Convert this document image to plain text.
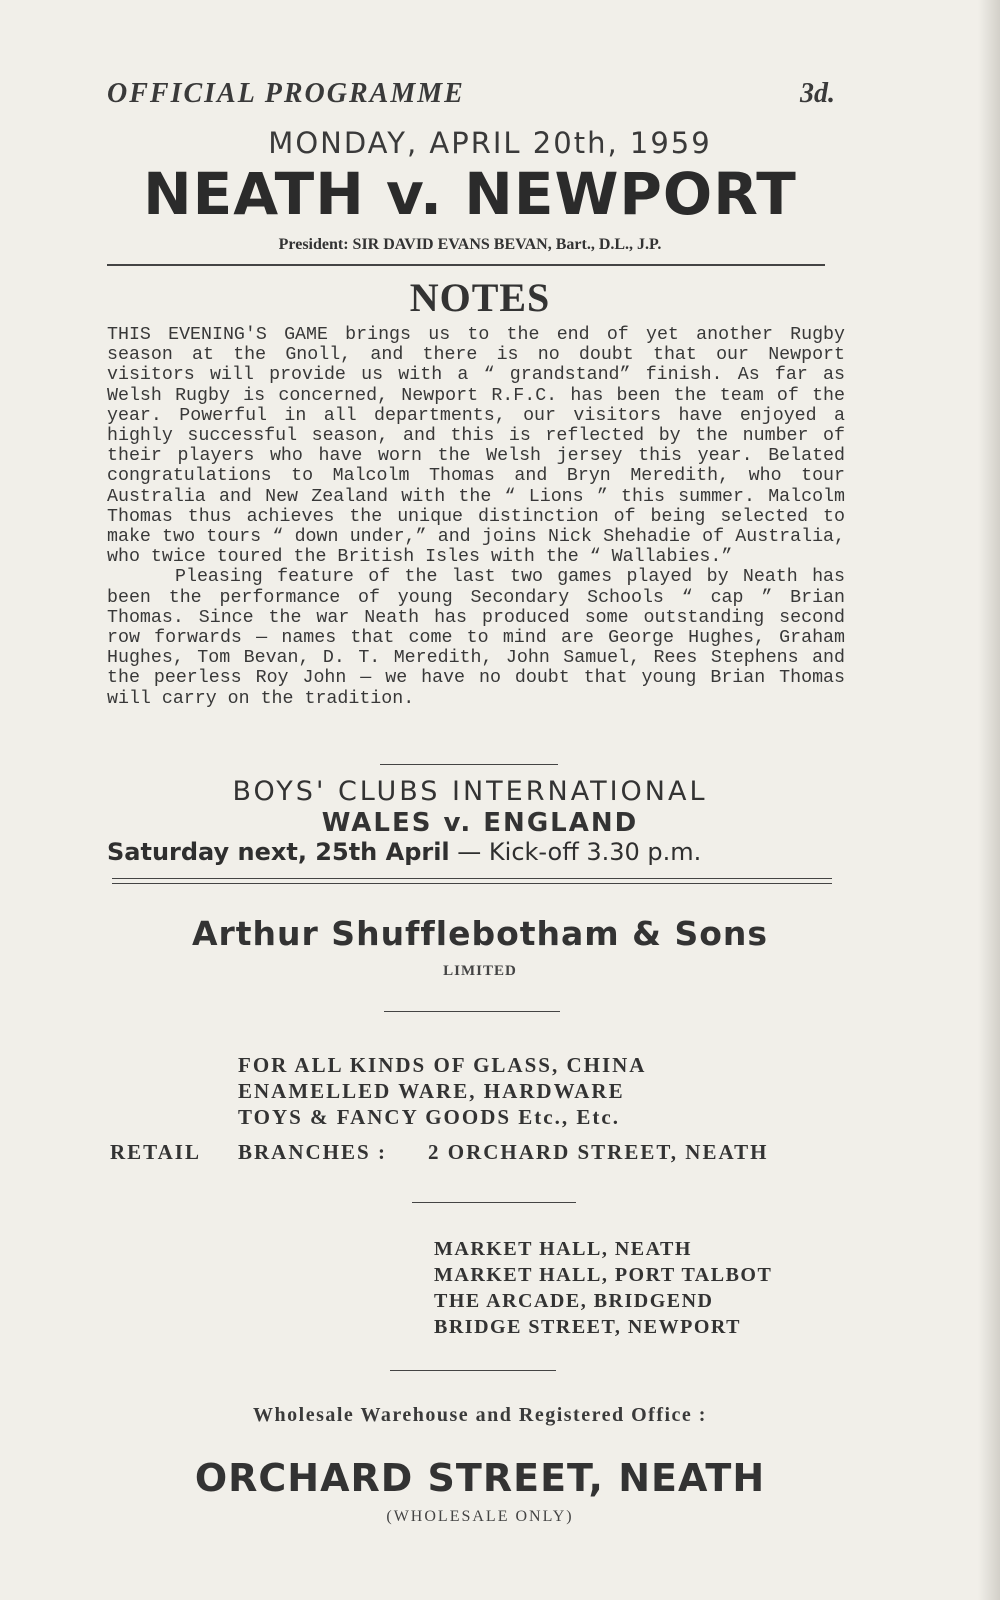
OFFICIAL PROGRAMME	3d.
MONDAY, APRIL 20th, 1959
NEATH v. NEWPORT
President: SIR DAVID EVANS BEVAN, Bart., D.L., J.P.
NOTES

THIS EVENING'S GAME brings us to the end of yet another Rugby season at the Gnoll, and there is no doubt that our Newport visitors will provide us with a “ grandstand” finish. As far as Welsh Rugby is concerned, Newport R.F.C. has been the team of the year. Powerful in all departments, our visitors have enjoyed a highly successful season, and this is reflected by the number of their players who have worn the Welsh jersey this year. Belated congratulations to Malcolm Thomas and Bryn Meredith, who tour Australia and New Zealand with the “ Lions ” this summer. Malcolm Thomas thus achieves the unique distinction of being selected to make two tours “ down under,” and joins Nick Shehadie of Australia, who twice toured the British Isles with the “ Wallabies.”

Pleasing feature of the last two games played by Neath has been the performance of young Secondary Schools “ cap ” Brian Thomas. Since the war Neath has produced some outstanding second row forwards — names that come to mind are George Hughes, Graham Hughes, Tom Bevan, D. T. Meredith, John Samuel, Rees Stephens and the peerless Roy John — we have no doubt that young Brian Thomas will carry on the tradition.

BOYS' CLUBS INTERNATIONAL
WALES v. ENGLAND
Saturday next, 25th April — Kick-off 3.30 p.m.
Arthur Shufflebotham & Sons
LIMITED
FOR ALL KINDS OF GLASS, CHINA
ENAMELLED WARE, HARDWARE
TOYS & FANCY GOODS Etc., Etc.
RETAIL BRANCHES : 2 ORCHARD STREET, NEATH
MARKET HALL, NEATH
MARKET HALL, PORT TALBOT
THE ARCADE, BRIDGEND
BRIDGE STREET, NEWPORT
Wholesale Warehouse and Registered Office :
ORCHARD STREET, NEATH
(WHOLESALE ONLY)
